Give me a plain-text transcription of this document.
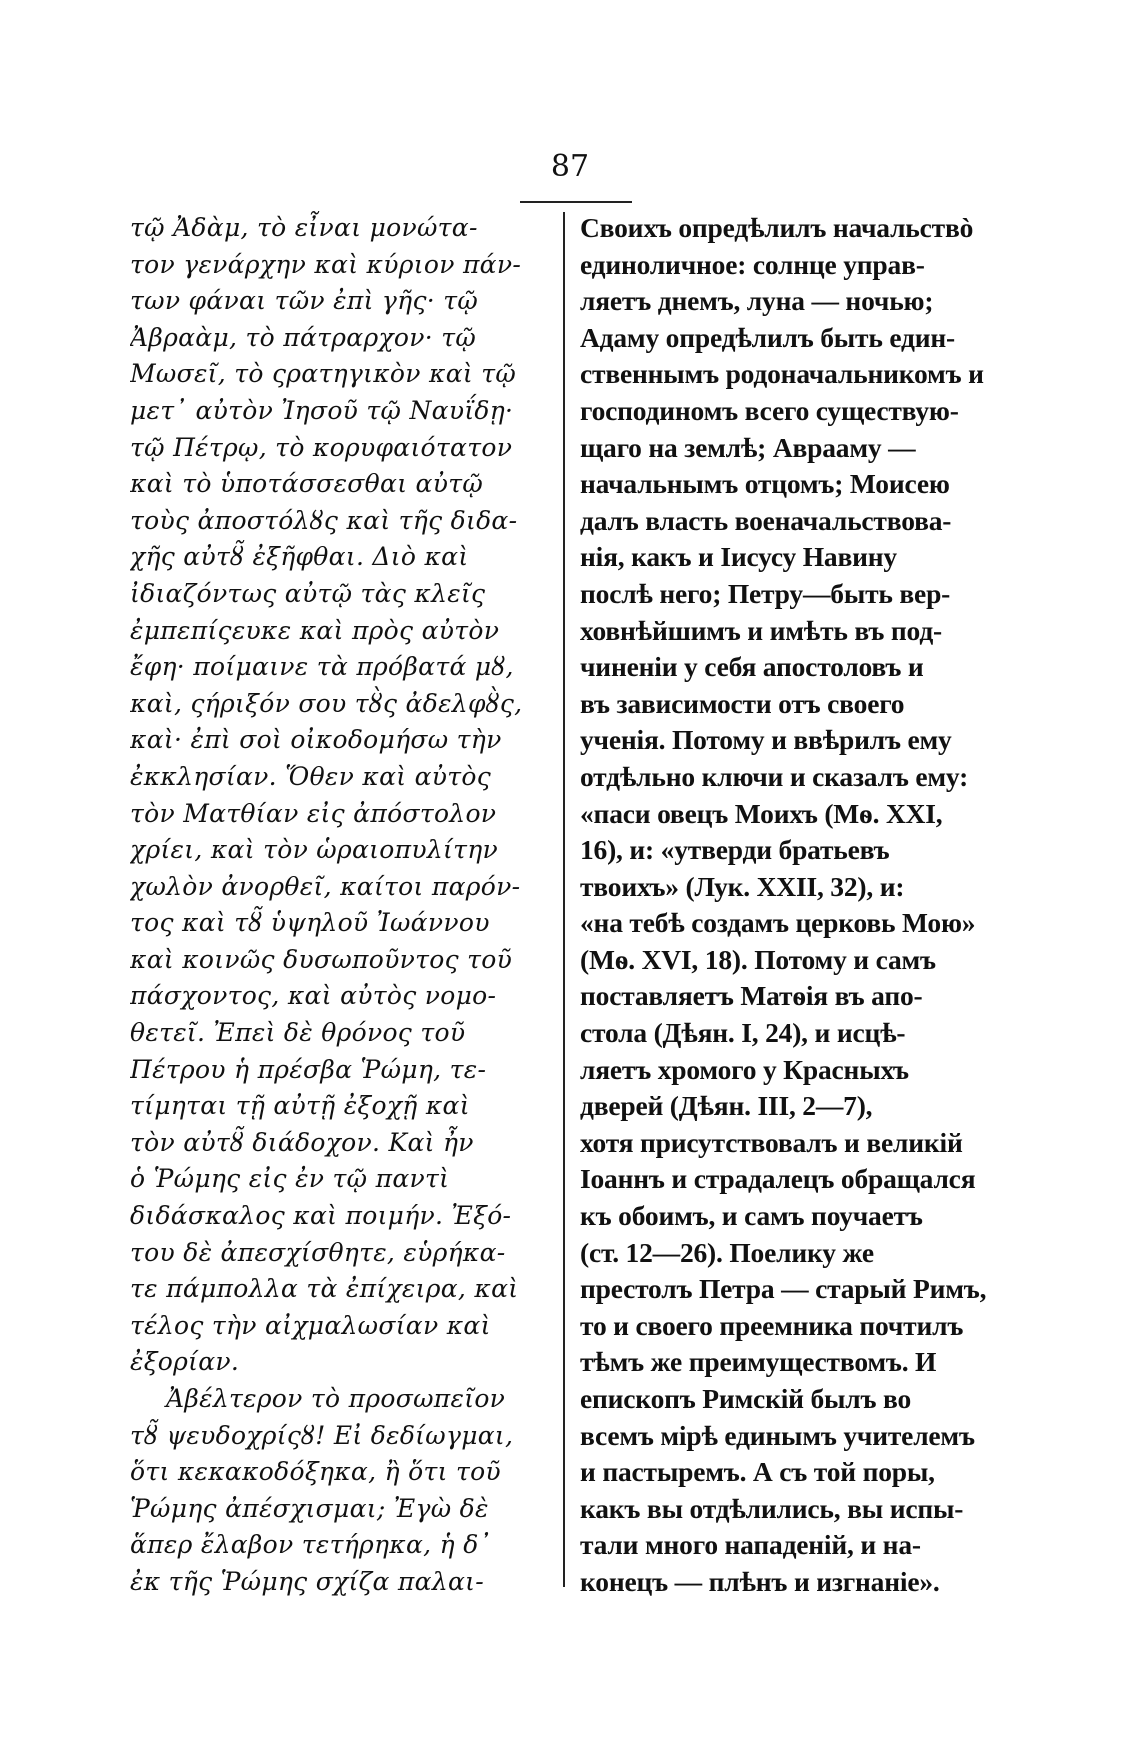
87
τῷ Ἀδὰμ, τὸ εἶναι μονώτα-
τον γενάρχην καὶ κύριον πάν-
των φάναι τῶν ἐπὶ γῆς· τῷ
Ἀβραὰμ, τὸ πάτραρχον· τῷ
Μωσεῖ, τὸ ςρατηγικὸν καὶ τῷ
μετ᾽ αὐτὸν Ἰησοῦ τῷ Ναυΐδῃ·
τῷ Πέτρῳ, τὸ κορυφαιότατον
καὶ τὸ ὑποτάσσεσθαι αὐτῷ
τοὺς ἀποστόλȣς καὶ τῆς διδα-
χῆς αὐτȣ̃ ἐξῆφθαι. Διὸ καὶ
ἰδιαζόντως αὐτῷ τὰς κλεῖς
ἐμπεπίςευκε καὶ πρὸς αὐτὸν
ἔφη· ποίμαινε τὰ πρόβατά μȣ,
καὶ, ςήριξόν σου τȣ̀ς ἀδελφȣ̀ς,
καὶ· ἐπὶ σοὶ οἰκοδομήσω τὴν
ἐκκλησίαν. Ὅθεν καὶ αὐτὸς
τὸν Ματθίαν εἰς ἀπόστολον
χρίει, καὶ τὸν ὡραιοπυλίτην
χωλὸν ἀνορθεῖ, καίτοι παρόν-
τος καὶ τȣ̃ ὑψηλοῦ Ἰωάννου
καὶ κοινῶς δυσωποῦντος τοῦ
πάσχοντος, καὶ αὐτὸς νομο-
θετεῖ. Ἐπεὶ δὲ θρόνος τοῦ
Πέτρου ἡ πρέσβα Ῥώμη, τε-
τίμηται τῇ αὐτῇ ἐξοχῇ καὶ
τὸν αὐτȣ̃ διάδοχον. Καὶ ἦν
ὁ Ῥώμης εἰς ἐν τῷ παντὶ
διδάσκαλος καὶ ποιμήν. Ἐξό-
του δὲ ἀπεσχίσθητε, εὑρήκα-
τε πάμπολλα τὰ ἐπίχειρα, καὶ
τέλος τὴν αἰχμαλωσίαν καὶ
ἐξορίαν.
Ἀβέλτερον τὸ προσωπεῖον
τȣ̃ ψευδοχρίςȣ! Εἰ δεδίωγμαι,
ὅτι κεκακοδόξηκα, ἢ ὅτι τοῦ
Ῥώμης ἀπέσχισμαι; Ἐγὼ δὲ
ἅπερ ἔλαβον τετήρηκα, ἡ δ᾽
ἐκ τῆς Ῥώμης σχίζα παλαι-
Своихъ опредѣлилъ начальствò
единоличное: солнце управ-
ляетъ днемъ, луна — ночью;
Адаму опредѣлилъ быть един-
ственнымъ родоначальникомъ и
господиномъ всего существую-
щаго на землѣ; Аврааму —
начальнымъ отцомъ; Моисею
далъ власть военачальствова-
нія, какъ и Іисусу Навину
послѣ него; Петру—быть вер-
ховнѣйшимъ и имѣть въ под-
чиненіи у себя апостоловъ и
въ зависимости отъ своего
ученія. Потому и ввѣрилъ ему
отдѣльно ключи и сказалъ ему:
«паси овецъ Моихъ (Мѳ. XXI,
16), и: «утверди братьевъ
твоихъ» (Лук. XXII, 32), и:
«на тебѣ создамъ церковь Мою»
(Мѳ. XVI, 18). Потому и самъ
поставляетъ Матѳія въ апо-
стола (Дѣян. I, 24), и исцѣ-
ляетъ хромого у Красныхъ
дверей (Дѣян. III, 2—7),
хотя присутствовалъ и великій
Іоаннъ и страдалецъ обращался
къ обоимъ, и самъ поучаетъ
(ст. 12—26). Поелику же
престолъ Петра — старый Римъ,
то и своего преемника почтилъ
тѣмъ же преимуществомъ. И
епископъ Римскій былъ во
всемъ мірѣ единымъ учителемъ
и пастыремъ. А съ той поры,
какъ вы отдѣлились, вы испы-
тали много нападеній, и на-
конецъ — плѣнъ и изгнаніе».
